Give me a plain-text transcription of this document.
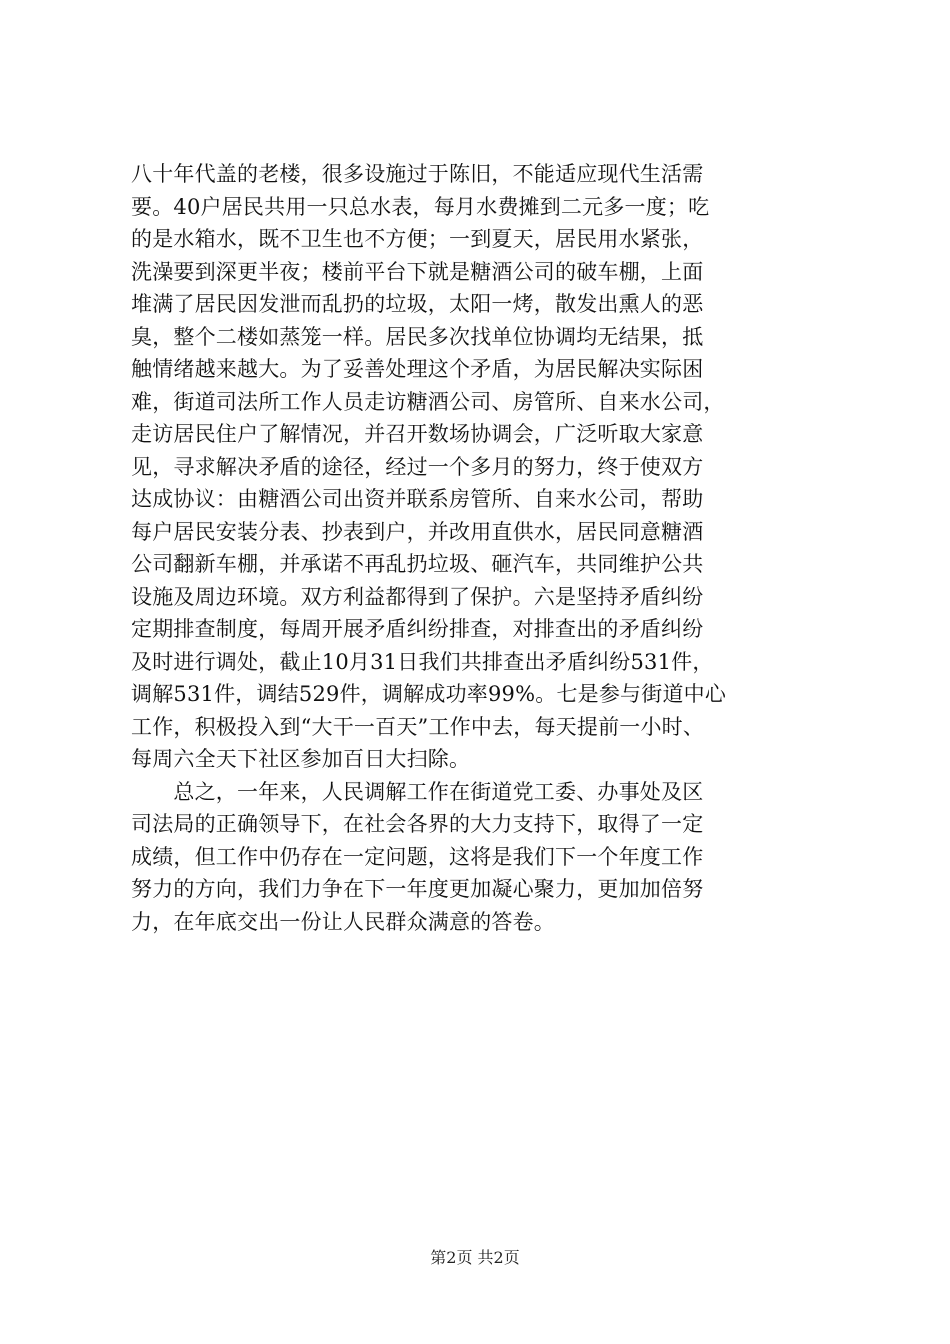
八十年代盖的老楼，很多设施过于陈旧，不能适应现代生活需
要。40户居民共用一只总水表，每月水费摊到二元多一度；吃
的是水箱水，既不卫生也不方便；一到夏天，居民用水紧张，
洗澡要到深更半夜；楼前平台下就是糖酒公司的破车棚，上面
堆满了居民因发泄而乱扔的垃圾，太阳一烤，散发出熏人的恶
臭，整个二楼如蒸笼一样。居民多次找单位协调均无结果，抵
触情绪越来越大。为了妥善处理这个矛盾，为居民解决实际困
难，街道司法所工作人员走访糖酒公司、房管所、自来水公司，
走访居民住户了解情况，并召开数场协调会，广泛听取大家意
见，寻求解决矛盾的途径，经过一个多月的努力，终于使双方
达成协议：由糖酒公司出资并联系房管所、自来水公司，帮助
每户居民安装分表、抄表到户，并改用直供水，居民同意糖酒
公司翻新车棚，并承诺不再乱扔垃圾、砸汽车，共同维护公共
设施及周边环境。双方利益都得到了保护。六是坚持矛盾纠纷
定期排查制度，每周开展矛盾纠纷排查，对排查出的矛盾纠纷
及时进行调处，截止10月31日我们共排查出矛盾纠纷531件，
调解531件，调结529件，调解成功率99%。七是参与街道中心
工作，积极投入到“大干一百天”工作中去，每天提前一小时、
每周六全天下社区参加百日大扫除。
　　总之，一年来，人民调解工作在街道党工委、办事处及区
司法局的正确领导下，在社会各界的大力支持下，取得了一定
成绩，但工作中仍存在一定问题，这将是我们下一个年度工作
努力的方向，我们力争在下一年度更加凝心聚力，更加加倍努
力，在年底交出一份让人民群众满意的答卷。
第2页 共2页
